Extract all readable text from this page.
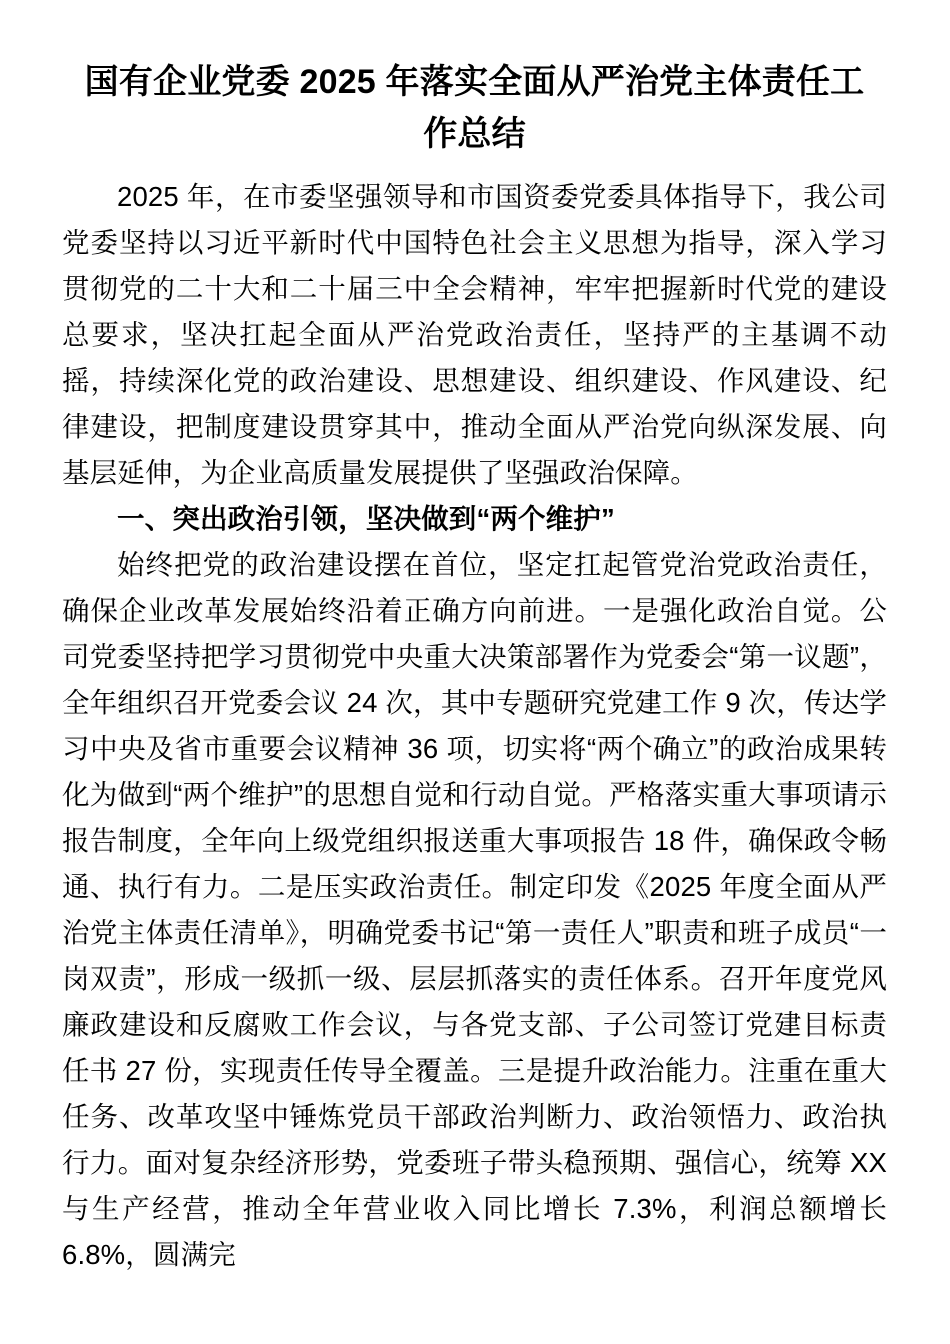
国有企业党委 2025 年落实全面从严治党主体责任工作总结

2025 年，在市委坚强领导和市国资委党委具体指导下，我公司党委坚持以习近平新时代中国特色社会主义思想为指导，深入学习贯彻党的二十大和二十届三中全会精神，牢牢把握新时代党的建设总要求，坚决扛起全面从严治党政治责任，坚持严的主基调不动摇，持续深化党的政治建设、思想建设、组织建设、作风建设、纪律建设，把制度建设贯穿其中，推动全面从严治党向纵深发展、向基层延伸，为企业高质量发展提供了坚强政治保障。

一、突出政治引领，坚决做到“两个维护”

始终把党的政治建设摆在首位，坚定扛起管党治党政治责任，确保企业改革发展始终沿着正确方向前进。一是强化政治自觉。公司党委坚持把学习贯彻党中央重大决策部署作为党委会“第一议题”，全年组织召开党委会议 24 次，其中专题研究党建工作 9 次，传达学习中央及省市重要会议精神 36 项，切实将“两个确立”的政治成果转化为做到“两个维护”的思想自觉和行动自觉。严格落实重大事项请示报告制度，全年向上级党组织报送重大事项报告 18 件，确保政令畅通、执行有力。二是压实政治责任。制定印发《2025 年度全面从严治党主体责任清单》，明确党委书记“第一责任人”职责和班子成员“一岗双责”，形成一级抓一级、层层抓落实的责任体系。召开年度党风廉政建设和反腐败工作会议，与各党支部、子公司签订党建目标责任书 27 份，实现责任传导全覆盖。三是提升政治能力。注重在重大任务、改革攻坚中锤炼党员干部政治判断力、政治领悟力、政治执行力。面对复杂经济形势，党委班子带头稳预期、强信心，统筹 XX 与生产经营，推动全年营业收入同比增长 7.3%，利润总额增长 6.8%，圆满完
